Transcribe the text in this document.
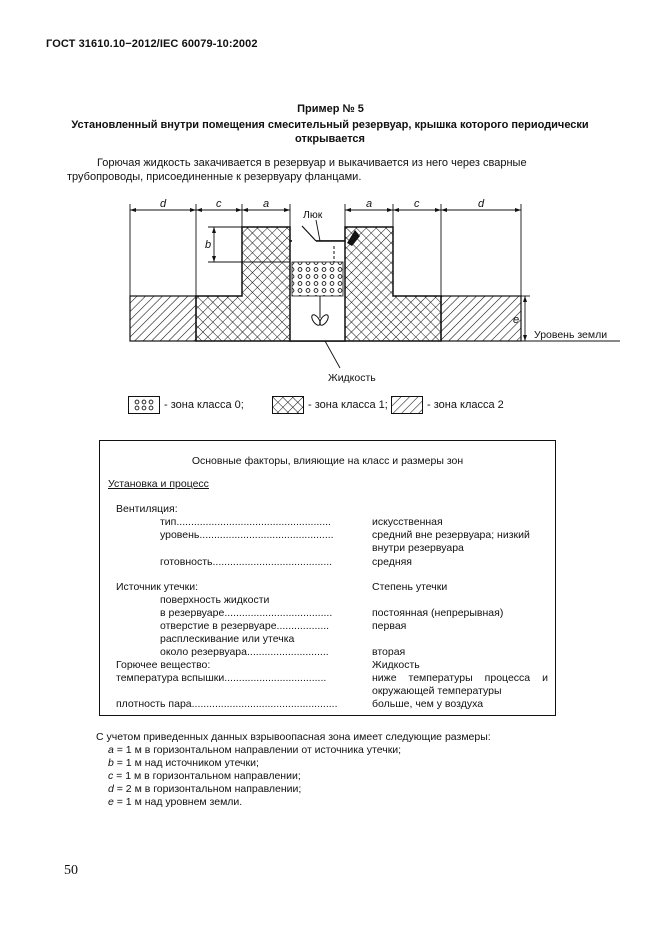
ГОСТ 31610.10−2012/IEC 60079-10:2002
Пример № 5
Установленный внутри помещения смесительный резервуар, крышка которого периодически открывается
Горючая жидкость закачивается в резервуар и выкачивается из него через сварные трубопроводы, присоединенные к резервуару фланцами.
d	c	a	a	c	d
b
e
Люк
Жидкость
Уровень земли
- зона класса 0;	- зона класса 1;	- зона класса 2
Основные факторы, влияющие на класс и размеры зон
Установка и процесс
Вентиляция:
тип.....................................................	искусственная
уровень..............................................	средний вне резервуара; низкий внутри резервуара
готовность.........................................	средняя
Источник утечки:	Степень утечки
поверхность жидкости
в резервуаре.....................................	постоянная (непрерывная)
отверстие в резервуаре..................	первая
расплескивание или утечка
около резервуара............................	вторая
Горючее вещество:	Жидкость
температура вспышки...................................	ниже температуры процесса и окружающей температуры
плотность пара..................................................	больше, чем у воздуха
С учетом приведенных данных взрывоопасная зона имеет следующие размеры:
a = 1 м в горизонтальном направлении от источника утечки;
b = 1 м над источником утечки;
c = 1 м в горизонтальном направлении;
d = 2 м в горизонтальном направлении;
e = 1 м над уровнем земли.
50
